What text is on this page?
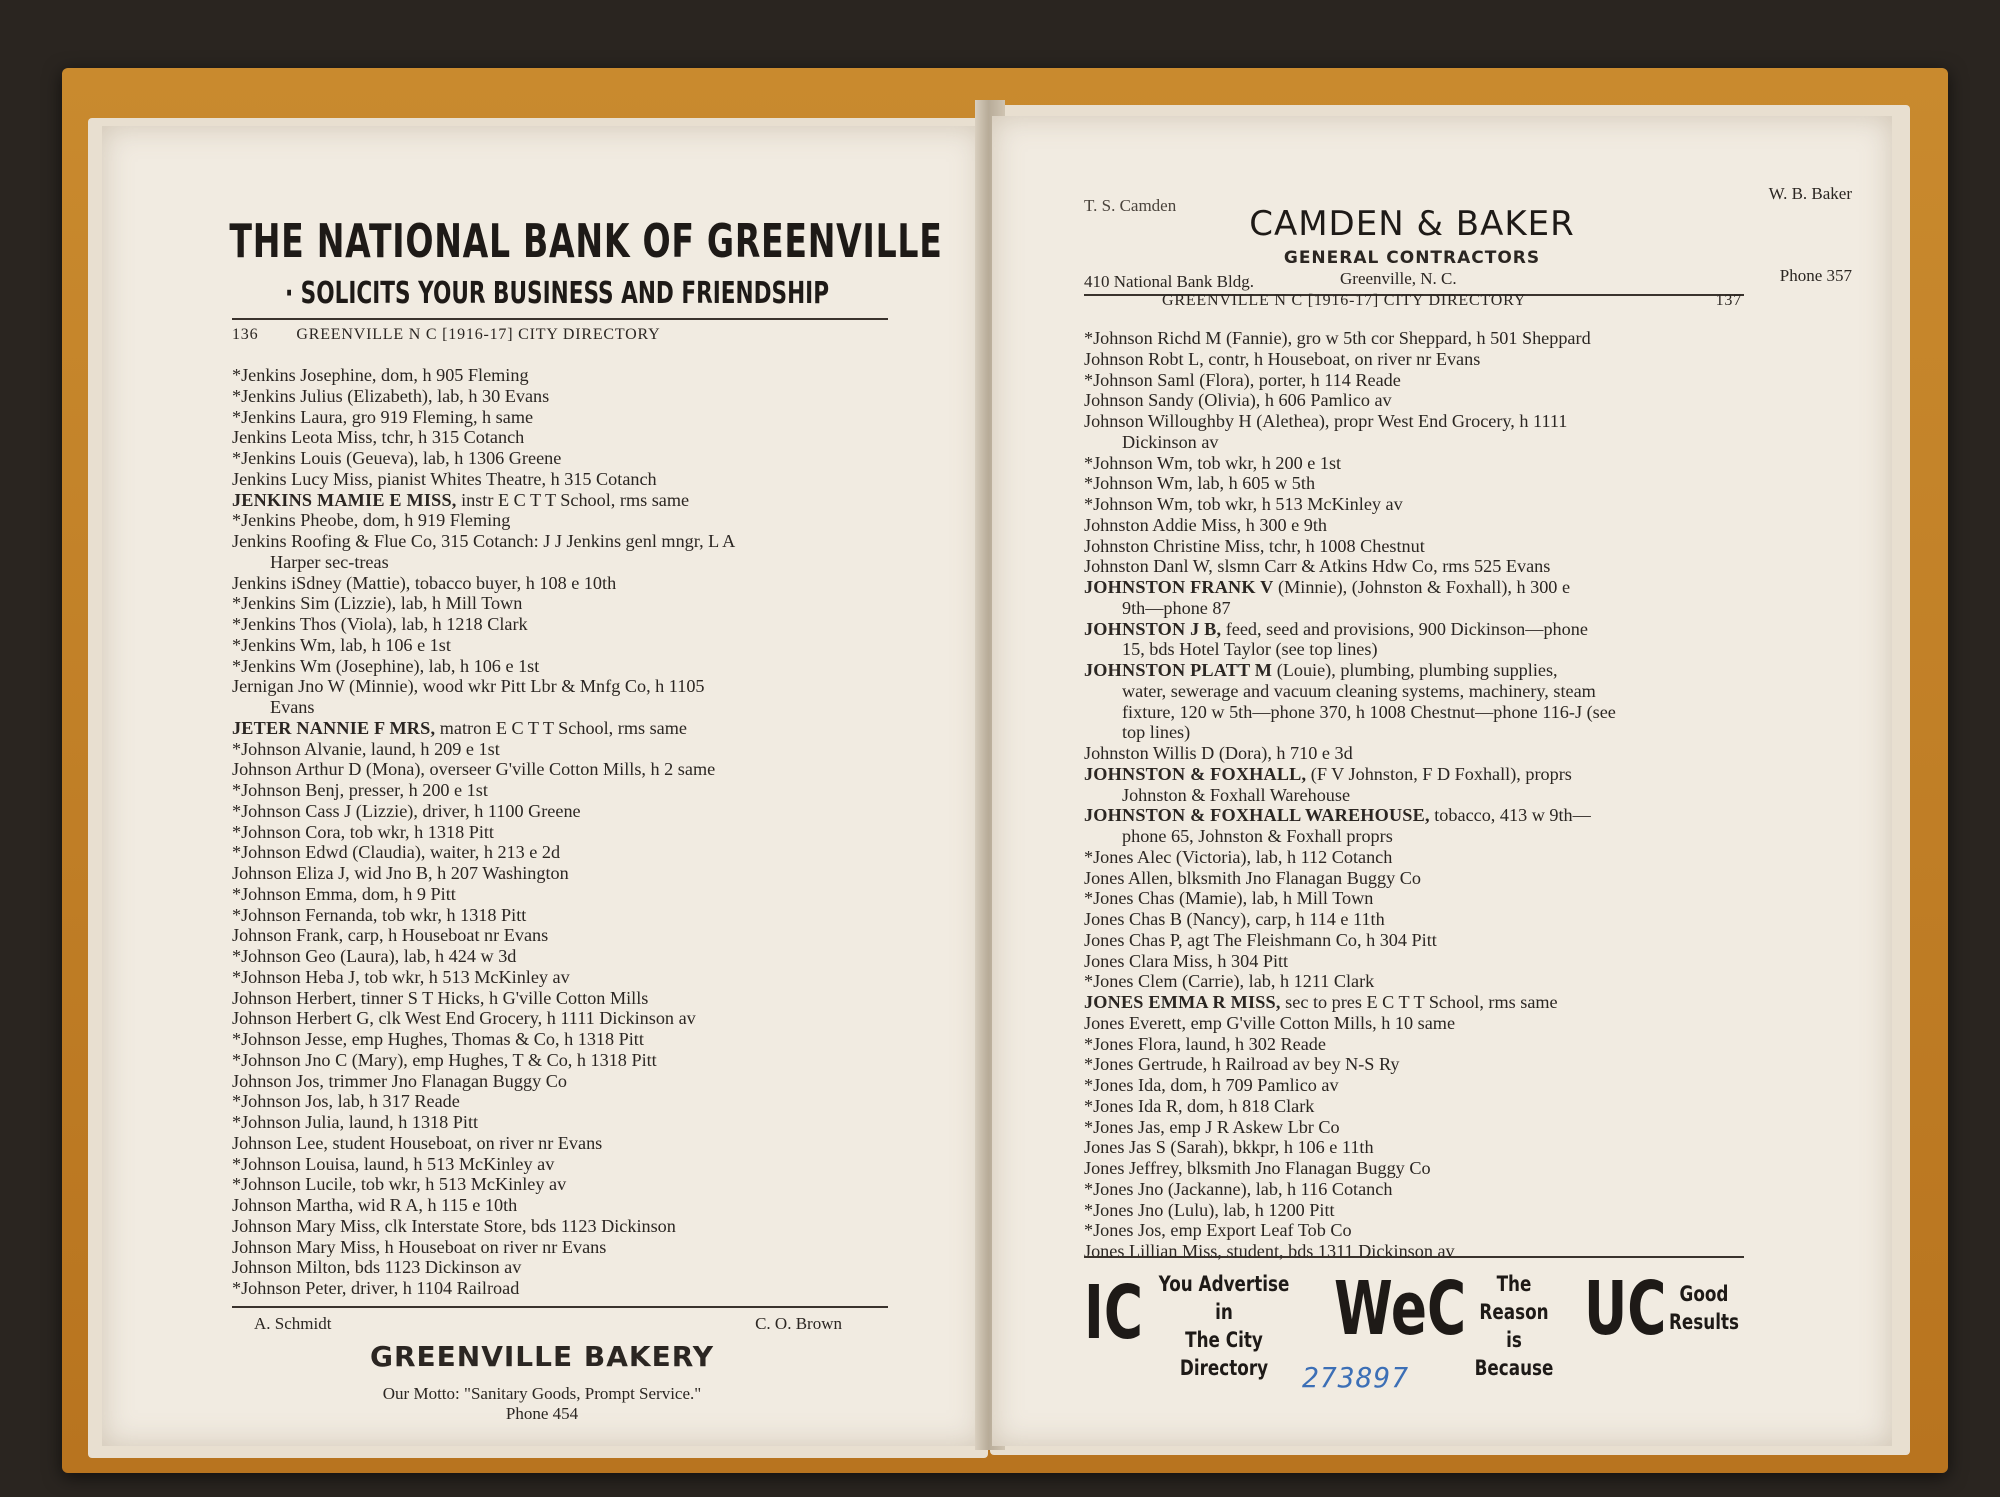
THE NATIONAL BANK OF GREENVILLE
· SOLICITS YOUR BUSINESS AND FRIENDSHIP
136	GREENVILLE N C [1916-17] CITY DIRECTORY
*Jenkins Josephine, dom, h 905 Fleming
*Jenkins Julius (Elizabeth), lab, h 30 Evans
*Jenkins Laura, gro 919 Fleming, h same
Jenkins Leota Miss, tchr, h 315 Cotanch
*Jenkins Louis (Geueva), lab, h 1306 Greene
Jenkins Lucy Miss, pianist Whites Theatre, h 315 Cotanch
JENKINS MAMIE E MISS, instr E C T T School, rms same
*Jenkins Pheobe, dom, h 919 Fleming
Jenkins Roofing & Flue Co, 315 Cotanch: J J Jenkins genl mngr, L A
Harper sec-treas
Jenkins iSdney (Mattie), tobacco buyer, h 108 e 10th
*Jenkins Sim (Lizzie), lab, h Mill Town
*Jenkins Thos (Viola), lab, h 1218 Clark
*Jenkins Wm, lab, h 106 e 1st
*Jenkins Wm (Josephine), lab, h 106 e 1st
Jernigan Jno W (Minnie), wood wkr Pitt Lbr & Mnfg Co, h 1105
Evans
JETER NANNIE F MRS, matron E C T T School, rms same
*Johnson Alvanie, laund, h 209 e 1st
Johnson Arthur D (Mona), overseer G'ville Cotton Mills, h 2 same
*Johnson Benj, presser, h 200 e 1st
*Johnson Cass J (Lizzie), driver, h 1100 Greene
*Johnson Cora, tob wkr, h 1318 Pitt
*Johnson Edwd (Claudia), waiter, h 213 e 2d
Johnson Eliza J, wid Jno B, h 207 Washington
*Johnson Emma, dom, h 9 Pitt
*Johnson Fernanda, tob wkr, h 1318 Pitt
Johnson Frank, carp, h Houseboat nr Evans
*Johnson Geo (Laura), lab, h 424 w 3d
*Johnson Heba J, tob wkr, h 513 McKinley av
Johnson Herbert, tinner S T Hicks, h G'ville Cotton Mills
Johnson Herbert G, clk West End Grocery, h 1111 Dickinson av
*Johnson Jesse, emp Hughes, Thomas & Co, h 1318 Pitt
*Johnson Jno C (Mary), emp Hughes, T & Co, h 1318 Pitt
Johnson Jos, trimmer Jno Flanagan Buggy Co
*Johnson Jos, lab, h 317 Reade
*Johnson Julia, laund, h 1318 Pitt
Johnson Lee, student Houseboat, on river nr Evans
*Johnson Louisa, laund, h 513 McKinley av
*Johnson Lucile, tob wkr, h 513 McKinley av
Johnson Martha, wid R A, h 115 e 10th
Johnson Mary Miss, clk Interstate Store, bds 1123 Dickinson
Johnson Mary Miss, h Houseboat on river nr Evans
Johnson Milton, bds 1123 Dickinson av
*Johnson Peter, driver, h 1104 Railroad
A. Schmidt	C. O. Brown
GREENVILLE BAKERY
Our Motto: "Sanitary Goods, Prompt Service."
Phone 454
T. S. Camden
W. B. Baker
CAMDEN & BAKER
GENERAL CONTRACTORS
410 National Bank Bldg.	Greenville, N. C.	Phone 357
GREENVILLE N C [1916-17] CITY DIRECTORY	137
*Johnson Richd M (Fannie), gro w 5th cor Sheppard, h 501 Sheppard
Johnson Robt L, contr, h Houseboat, on river nr Evans
*Johnson Saml (Flora), porter, h 114 Reade
Johnson Sandy (Olivia), h 606 Pamlico av
Johnson Willoughby H (Alethea), propr West End Grocery, h 1111
Dickinson av
*Johnson Wm, tob wkr, h 200 e 1st
*Johnson Wm, lab, h 605 w 5th
*Johnson Wm, tob wkr, h 513 McKinley av
Johnston Addie Miss, h 300 e 9th
Johnston Christine Miss, tchr, h 1008 Chestnut
Johnston Danl W, slsmn Carr & Atkins Hdw Co, rms 525 Evans
JOHNSTON FRANK V (Minnie), (Johnston & Foxhall), h 300 e
9th—phone 87
JOHNSTON J B, feed, seed and provisions, 900 Dickinson—phone
15, bds Hotel Taylor (see top lines)
JOHNSTON PLATT M (Louie), plumbing, plumbing supplies,
water, sewerage and vacuum cleaning systems, machinery, steam
fixture, 120 w 5th—phone 370, h 1008 Chestnut—phone 116-J (see
top lines)
Johnston Willis D (Dora), h 710 e 3d
JOHNSTON & FOXHALL, (F V Johnston, F D Foxhall), proprs
Johnston & Foxhall Warehouse
JOHNSTON & FOXHALL WAREHOUSE, tobacco, 413 w 9th—
phone 65, Johnston & Foxhall proprs
*Jones Alec (Victoria), lab, h 112 Cotanch
Jones Allen, blksmith Jno Flanagan Buggy Co
*Jones Chas (Mamie), lab, h Mill Town
Jones Chas B (Nancy), carp, h 114 e 11th
Jones Chas P, agt The Fleishmann Co, h 304 Pitt
Jones Clara Miss, h 304 Pitt
*Jones Clem (Carrie), lab, h 1211 Clark
JONES EMMA R MISS, sec to pres E C T T School, rms same
Jones Everett, emp G'ville Cotton Mills, h 10 same
*Jones Flora, laund, h 302 Reade
*Jones Gertrude, h Railroad av bey N-S Ry
*Jones Ida, dom, h 709 Pamlico av
*Jones Ida R, dom, h 818 Clark
*Jones Jas, emp J R Askew Lbr Co
Jones Jas S (Sarah), bkkpr, h 106 e 11th
Jones Jeffrey, blksmith Jno Flanagan Buggy Co
*Jones Jno (Jackanne), lab, h 116 Cotanch
*Jones Jno (Lulu), lab, h 1200 Pitt
*Jones Jos, emp Export Leaf Tob Co
Jones Lillian Miss, student, bds 1311 Dickinson av
IC You Advertise
in
The City Directory
WeC	The Reason
is
Because
UC Good
Results
273897
